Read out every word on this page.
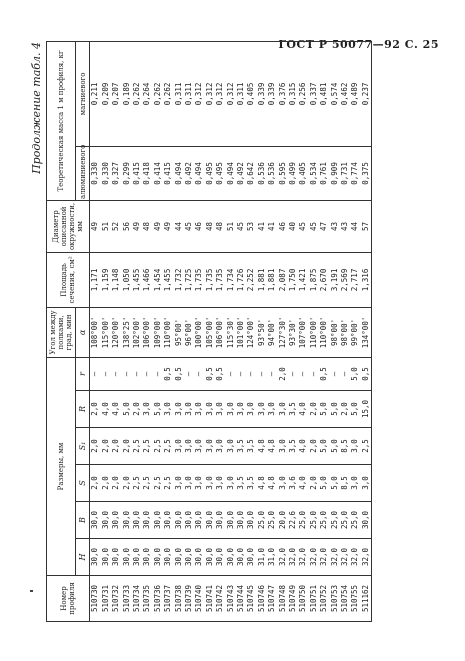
ГОСТ Р 50077—92 С. 25
Продолжение табл. 4
Номер профиля	Размеры, мм						Угол между полками, град, мин	Площадь сечения, см²	Диаметр описанной окружности, мм	Теоретическая масса 1 м профиля, кг	
	H	B	S	S₁	R	r	α			алюминиевого	магниевого
510730	30,0	30,0	2,0	2,0	2,0	—	108°00'	1,171	49	0,330	0,211
510731	30,0	30,0	2,0	2,0	4,0	—	115°00'	1,159	51	0,330	0,209
510732	30,0	30,0	2,0	2,0	4,0	—	120°00'	1,148	52	0,327	0,207
510733	30,0	30,0	2,0	2,0	5,0	—	138°25'	1,050	56	0,299	0,189
510734	30,0	30,0	2,5	2,5	2,0	—	102°00'	1,455	49	0,415	0,262
510735	30,0	30,0	2,5	2,5	3,0	—	106°00'	1,466	48	0,418	0,264
510736	30,0	30,0	2,5	2,5	5,0	—	109°00'	1,454	49	0,414	0,262
510737	30,0	30,0	2,5	2,5	3,0	0,5	110°00'	1,455	49	0,415	0,262
510738	30,0	30,0	3,0	3,0	3,0	0,5	95°00'	1,732	44	0,494	0,311
510739	30,0	30,0	3,0	3,0	3,0	—	96°00'	1,725	45	0,492	0,311
510740	30,0	30,0	3,0	3,0	3,0	—	100°00'	1,735	46	0,494	0,312
510741	30,0	30,0	3,0	3,0	3,0	0,5	105°00'	1,735	48	0,495	0,312
510742	30,0	30,0	3,0	3,0	3,0	0,5	106°00'	1,735	48	0,495	0,312
510743	30,0	30,0	3,0	3,0	3,0	—	115°30'	1,734	51	0,494	0,312
510744	30,0	30,0	3,5	3,5	3,0	—	101°00'	1,726	45	0,492	0,311
510745	30,0	30,0	3,5	3,5	3,0	—	124°00'	2,252	53	0,642	0,405
510746	31,0	25,0	4,8	4,8	3,0	—	93°50'	1,881	41	0,536	0,339
510747	31,0	25,0	4,8	4,8	3,0	—	94°00'	1,881	41	0,536	0,339
510748	32,0	20,0	3,0	3,0	3,0	2,0	127°30'	2,087	46	0,595	0,376
510749	32,0	22,6	3,6	3,5	3,5	—	93°30'	1,750	40	0,499	0,315
510750	32,0	25,0	4,0	4,0	4,0	—	107°00'	1,421	45	0,405	0,256
510751	32,0	25,0	2,0	2,0	2,0	—	110°00'	1,875	45	0,534	0,337
510752	32,0	25,0	5,0	5,0	5,0	0,5	110°00'	2,670	47	0,761	0,481
510753	32,0	25,0	5,0	5,0	5,0	—	98°00'	3,191	43	0,909	0,574
510754	32,0	25,0	8,5	8,5	2,0	—	98°00'	2,569	43	0,731	0,462
510755	32,0	25,0	3,0	3,0	5,0	5,0	99°00'	2,717	44	0,774	0,489
511162	32,0	30,0	3,0	2,5	15,0	0,5	134°00'	1,316	57	0,375	0,237
